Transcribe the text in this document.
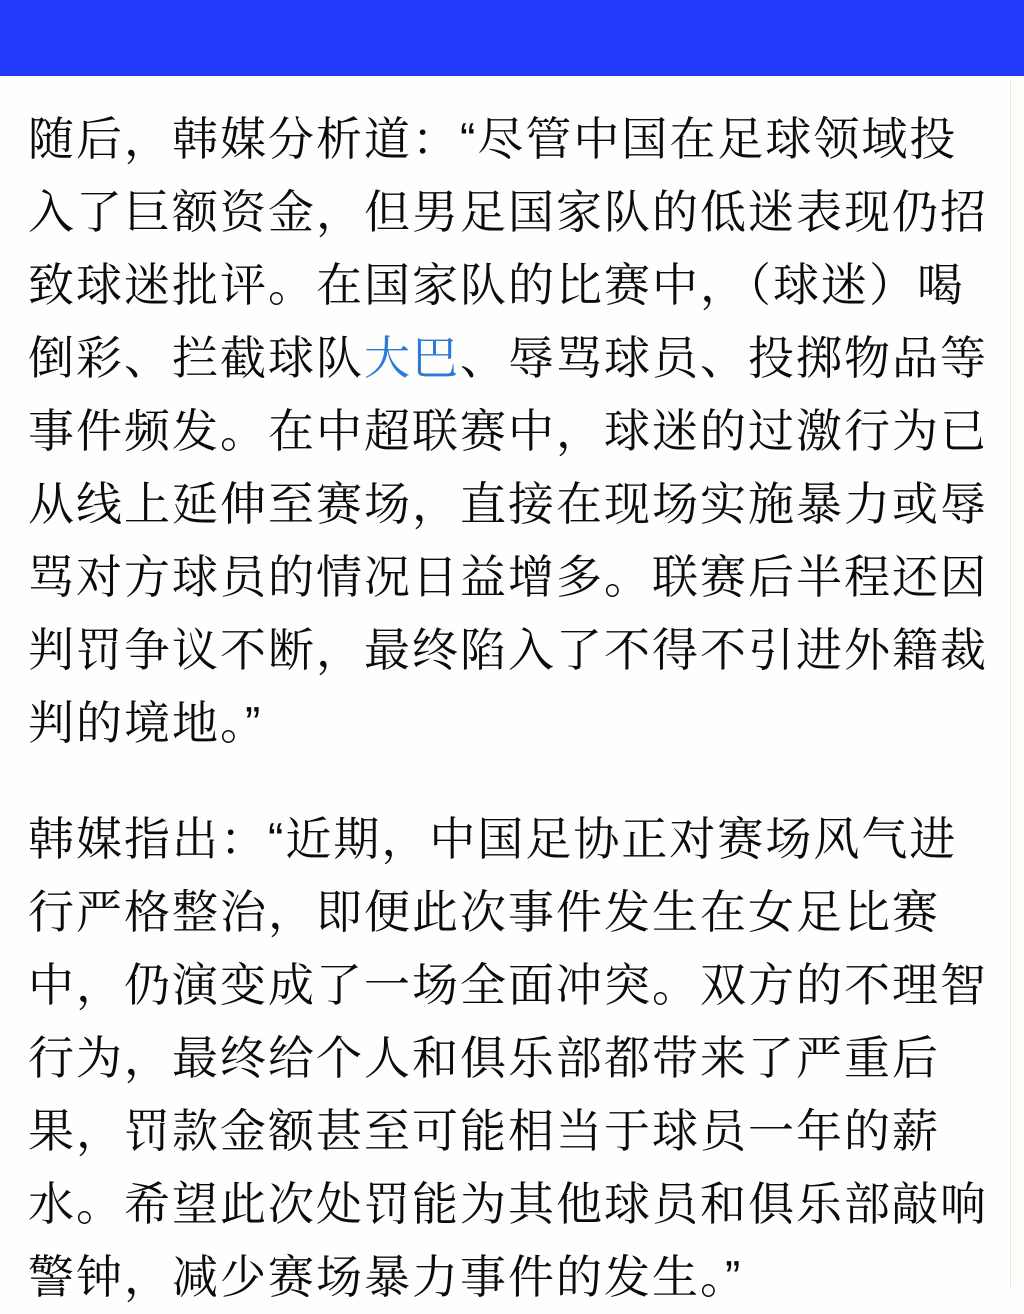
随后，韩媒分析道：“尽管中国在足球领域投入了巨额资金，但男足国家队的低迷表现仍招致球迷批评。在国家队的比赛中，（球迷）喝倒彩、拦截球队大巴、辱骂球员、投掷物品等事件频发。在中超联赛中，球迷的过激行为已从线上延伸至赛场，直接在现场实施暴力或辱骂对方球员的情况日益增多。联赛后半程还因判罚争议不断，最终陷入了不得不引进外籍裁判的境地。”

韩媒指出：“近期，中国足协正对赛场风气进行严格整治，即便此次事件发生在女足比赛中，仍演变成了一场全面冲突。双方的不理智行为，最终给个人和俱乐部都带来了严重后果，罚款金额甚至可能相当于球员一年的薪水。希望此次处罚能为其他球员和俱乐部敲响警钟，减少赛场暴力事件的发生。”
